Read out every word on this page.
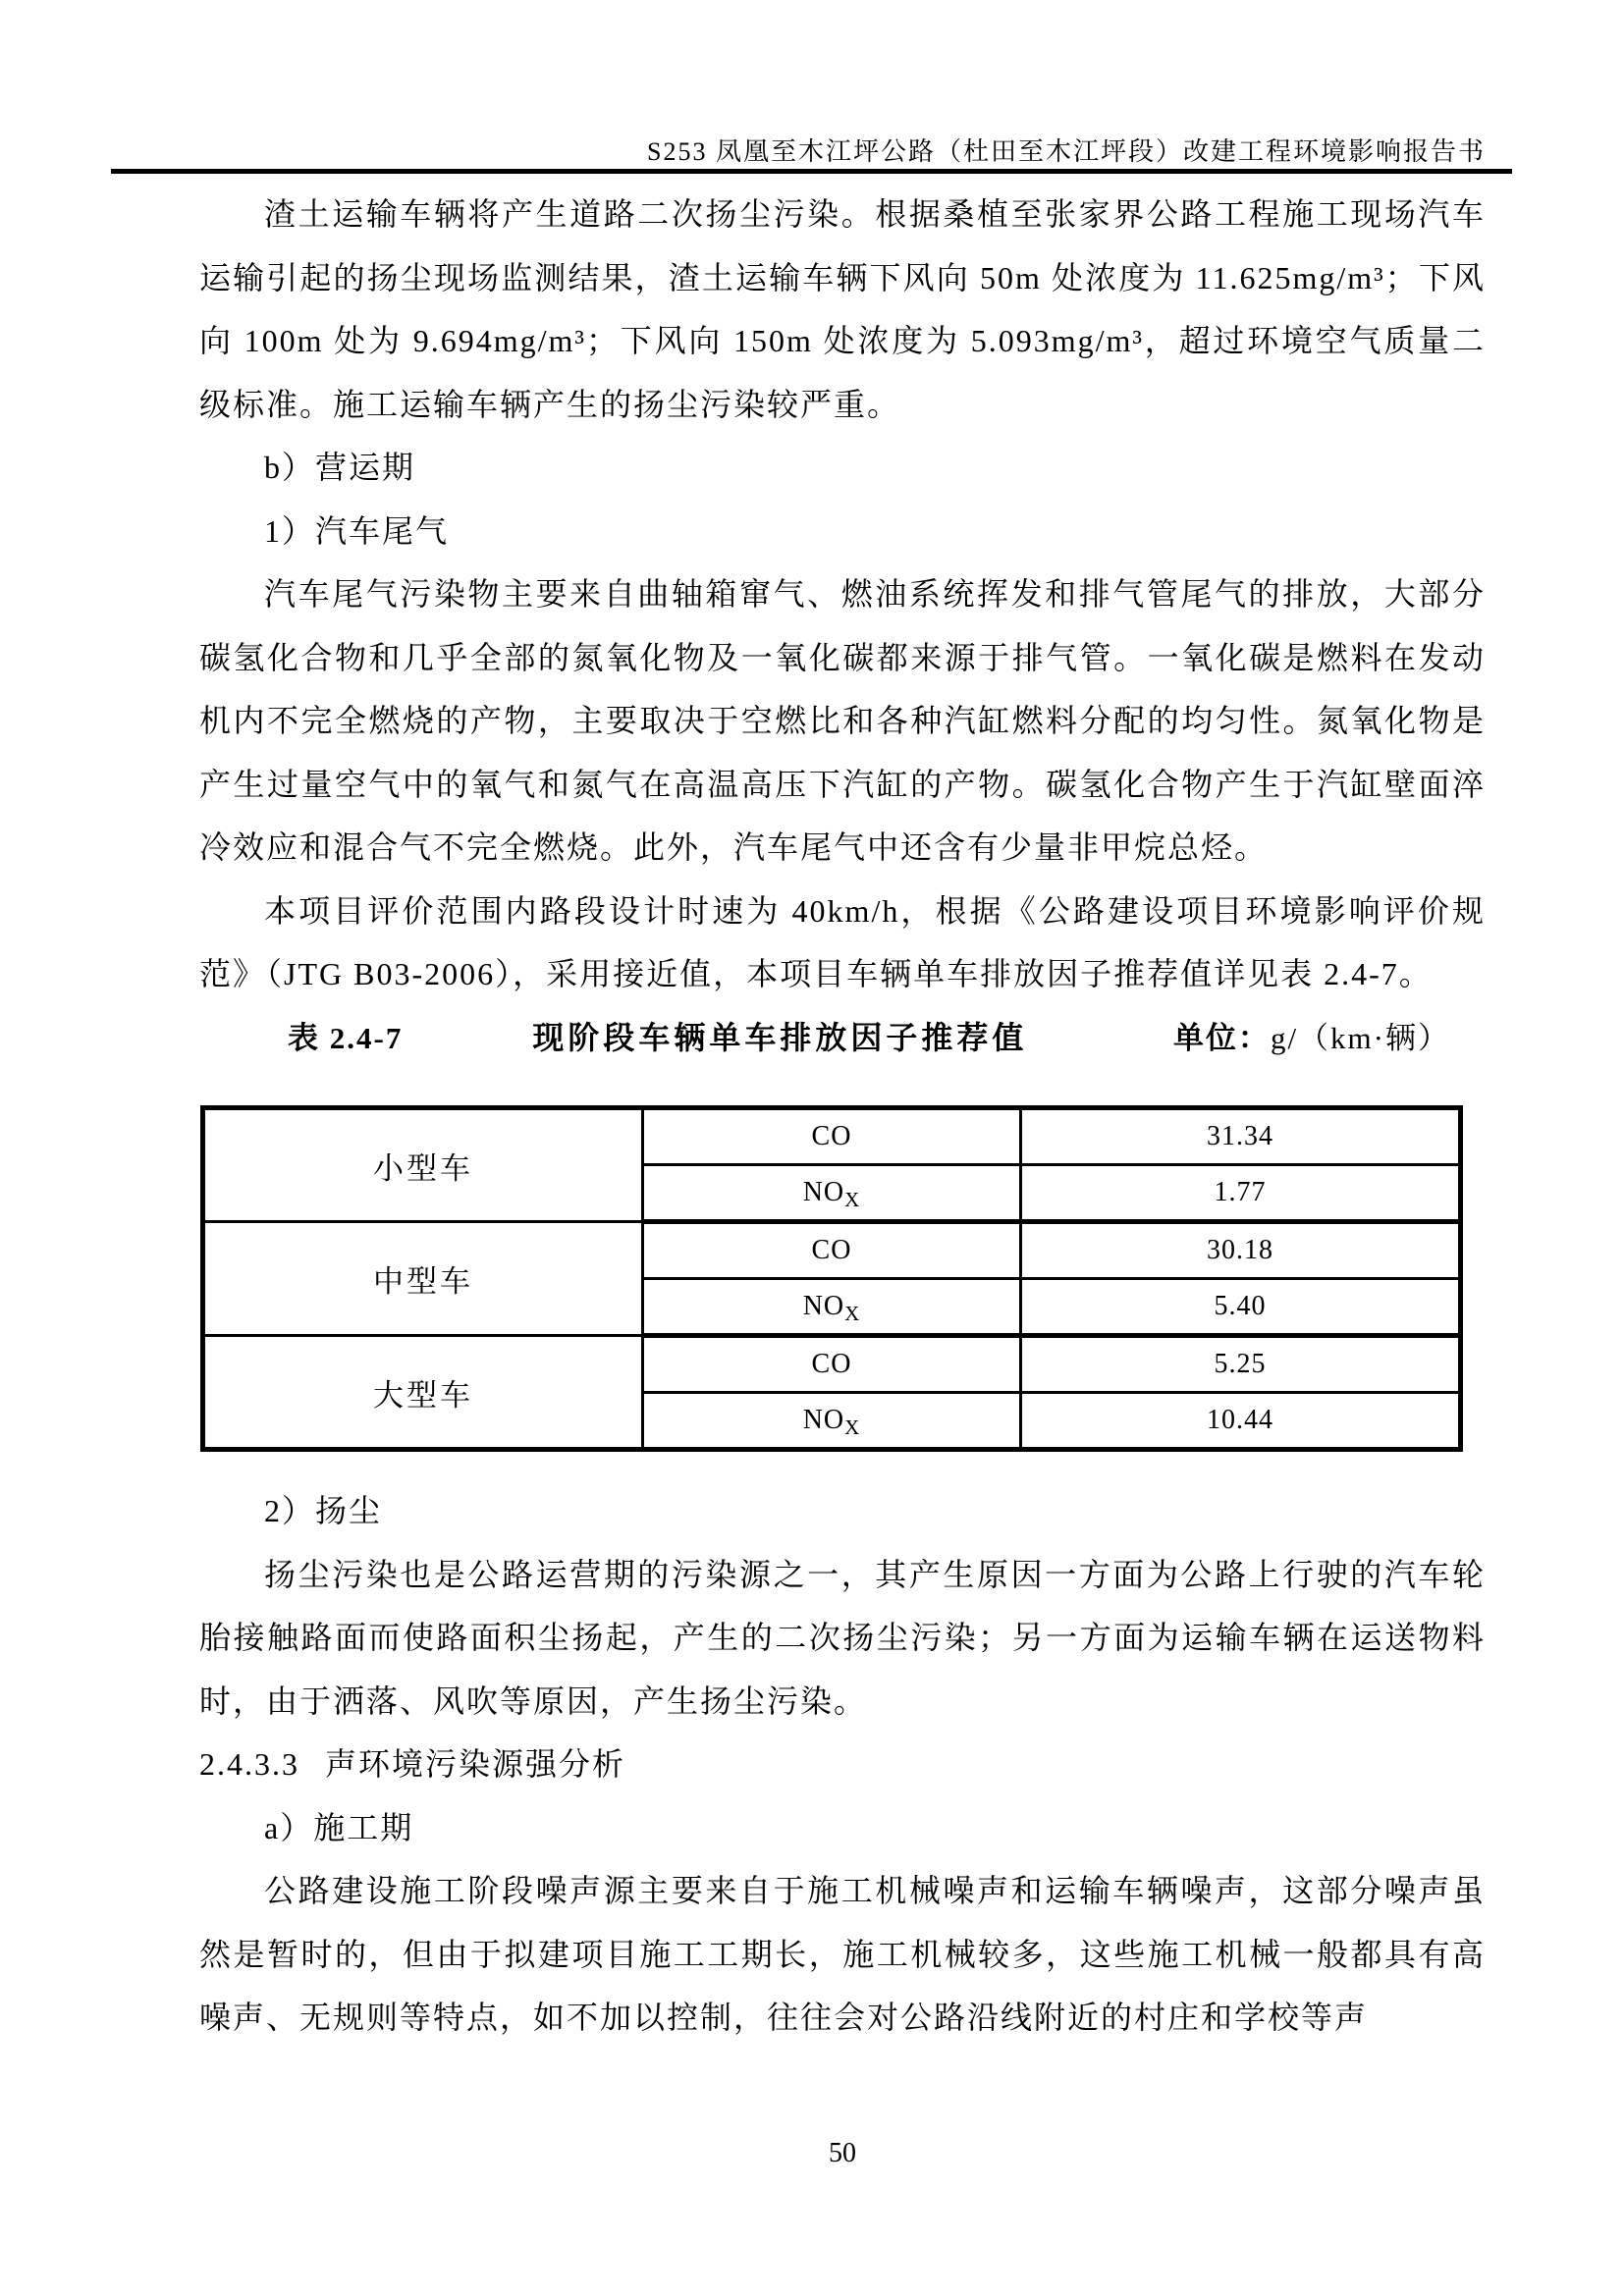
S253 凤凰至木江坪公路（杜田至木江坪段）改建工程环境影响报告书

渣土运输车辆将产生道路二次扬尘污染。根据桑植至张家界公路工程施工现场汽车运输引起的扬尘现场监测结果，渣土运输车辆下风向 50m 处浓度为 11.625mg/m³；下风向 100m 处为 9.694mg/m³；下风向 150m 处浓度为 5.093mg/m³，超过环境空气质量二级标准。施工运输车辆产生的扬尘污染较严重。

b）营运期

1）汽车尾气

汽车尾气污染物主要来自曲轴箱窜气、燃油系统挥发和排气管尾气的排放，大部分碳氢化合物和几乎全部的氮氧化物及一氧化碳都来源于排气管。一氧化碳是燃料在发动机内不完全燃烧的产物，主要取决于空燃比和各种汽缸燃料分配的均匀性。氮氧化物是产生过量空气中的氧气和氮气在高温高压下汽缸的产物。碳氢化合物产生于汽缸壁面淬冷效应和混合气不完全燃烧。此外，汽车尾气中还含有少量非甲烷总烃。

本项目评价范围内路段设计时速为 40km/h，根据《公路建设项目环境影响评价规范》（JTG B03-2006），采用接近值，本项目车辆单车排放因子推荐值详见表 2.4-7。

表 2.4-7	现阶段车辆单车排放因子推荐值	单位：g/（km·辆）
小型车	CO	31.34
	$NO_X$	1.77
中型车	CO	30.18
	$NO_X$	5.40
大型车	CO	5.25
	$NO_X$	10.44

2）扬尘

扬尘污染也是公路运营期的污染源之一，其产生原因一方面为公路上行驶的汽车轮胎接触路面而使路面积尘扬起，产生的二次扬尘污染；另一方面为运输车辆在运送物料时，由于洒落、风吹等原因，产生扬尘污染。

2.4.3.3 声环境污染源强分析

a）施工期

公路建设施工阶段噪声源主要来自于施工机械噪声和运输车辆噪声，这部分噪声虽然是暂时的，但由于拟建项目施工工期长，施工机械较多，这些施工机械一般都具有高噪声、无规则等特点，如不加以控制，往往会对公路沿线附近的村庄和学校等声

50
